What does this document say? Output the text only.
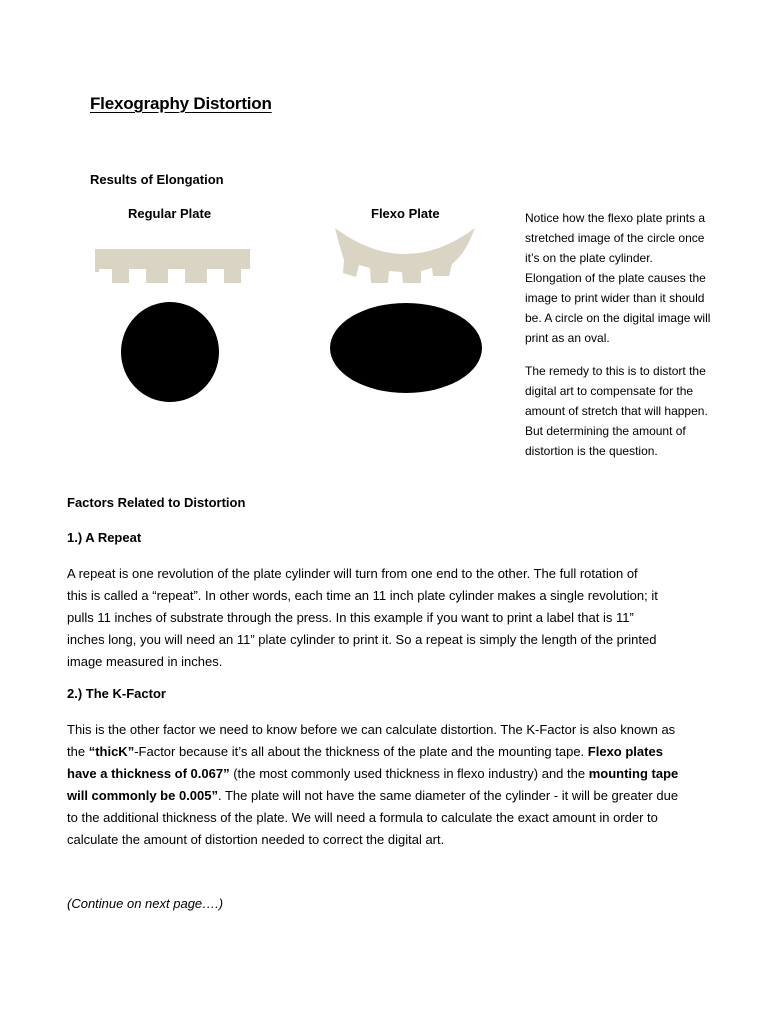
Flexography Distortion
Results of Elongation
Regular Plate	Flexo Plate	Notice how the flexo plate prints a
stretched image of the circle once
it’s on the plate cylinder.
Elongation of the plate causes the
image to print wider than it should
be. A circle on the digital image will
print as an oval.
The remedy to this is to distort the
digital art to compensate for the
amount of stretch that will happen.
But determining the amount of
distortion is the question.
Factors Related to Distortion
1.) A Repeat
A repeat is one revolution of the plate cylinder will turn from one end to the other. The full rotation of
this is called a “repeat”. In other words, each time an 11 inch plate cylinder makes a single revolution; it
pulls 11 inches of substrate through the press. In this example if you want to print a label that is 11”
inches long, you will need an 11” plate cylinder to print it. So a repeat is simply the length of the printed
image measured in inches.
2.) The K-Factor
This is the other factor we need to know before we can calculate distortion. The K-Factor is also known as
the “thicK”-Factor because it’s all about the thickness of the plate and the mounting tape. Flexo plates
have a thickness of 0.067” (the most commonly used thickness in flexo industry) and the mounting tape
will commonly be 0.005”. The plate will not have the same diameter of the cylinder - it will be greater due
to the additional thickness of the plate. We will need a formula to calculate the exact amount in order to
calculate the amount of distortion needed to correct the digital art.
(Continue on next page….)
